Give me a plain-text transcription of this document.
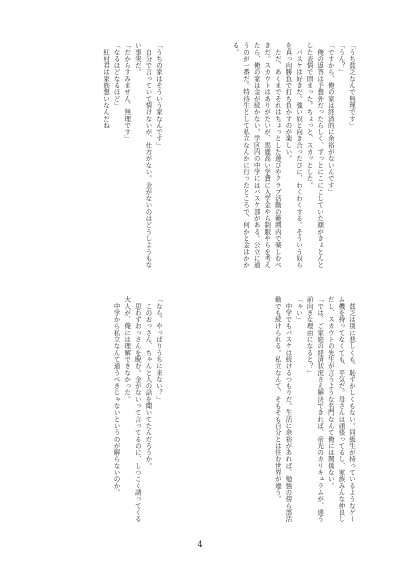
「うち貧乏なんで無理です」
「うん？」
「ですから、俺の家は経済的に余裕がないんです」
　俺の返答は予想外だったらしく、ずっとにこにこしていた顔がきょとんとした表情で固まった。ちょっと、スカッとした。
　バスケは好きだ。強い奴と向き合ったびに、わくわくする。そういう奴らを真っ向勝負で打ち負かすのが楽しい。
　ただ、あくまでそれはちょっとした遊びやクラブ活動の範囲内で楽しむべきだ。スカウトはありがたいが、馬鹿高い学費に入学金やら制服やらを考えたら、俺の家は金が続かない。学区内の中学にはバスケ部がある。公立に通うのが一番だ。特待生として私立なんかに行ったところで、何かと金はかかる。
「うちの家はそういう家なんです」
　自分で言っていて情けないが、仕方がない。金がないのはどうしようもない事実だ。
「だからすみません、無理です」
「なるほどなるほど」
　紅村君は家族想いなんだね
　貧乏は別に悲しくも、恥ずかしくもない。同級生が持っているようなゲーム機を持ってなくても、平気だ。母さんは頑張ってるし、家族みんな仲良しだし、スカウトの先生が言うような名門なんて俺には関係ない。
「では、ご家庭の経済状況さえ解決できれば、帝光のカリキュラムが、通う前向きな理由になると？」
「ゃい」
　中学でもバスケは続けるつもりだ。生活に余裕があれば、勉強の傍ら部活動でも続けられる。私立なんて、そもそも自分とは住む世界が違う。
「なら、やっぱりうちに来ない？」
　このおっさん、ちゃんと人の話を聞いてたんだろうか。
　思わずおっさんを睨む。金がないって言ってるのに、しつこく誘ってくる大人が、俺には理解できなかった。
　中学から私立なんて通うべきじゃないというのが解らないのか。
4
